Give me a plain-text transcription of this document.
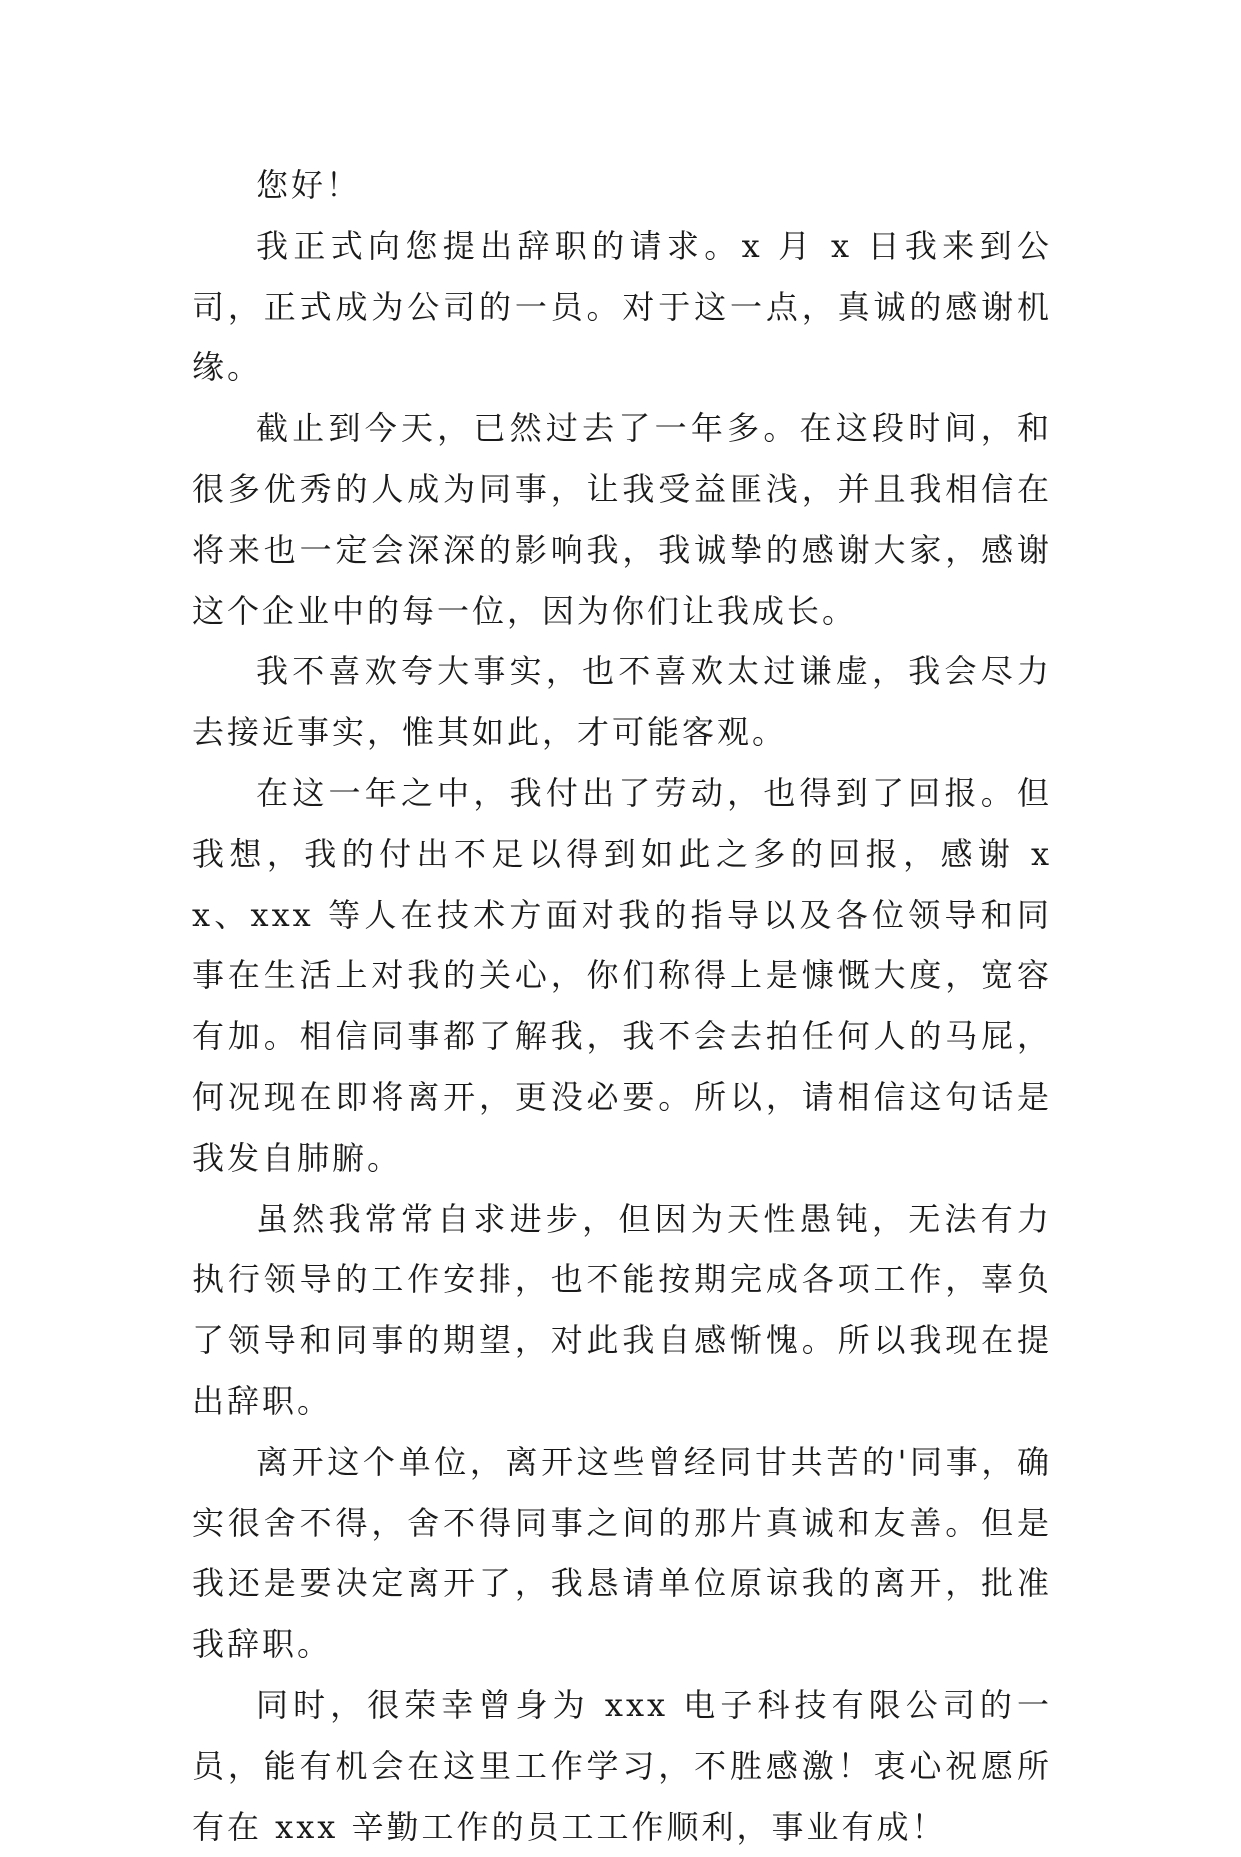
您好！

我正式向您提出辞职的请求。x 月 x 日我来到公司，正式成为公司的一员。对于这一点，真诚的感谢机缘。

截止到今天，已然过去了一年多。在这段时间，和很多优秀的人成为同事，让我受益匪浅，并且我相信在将来也一定会深深的影响我，我诚挚的感谢大家，感谢这个企业中的每一位，因为你们让我成长。

我不喜欢夸大事实，也不喜欢太过谦虚，我会尽力去接近事实，惟其如此，才可能客观。

在这一年之中，我付出了劳动，也得到了回报。但我想，我的付出不足以得到如此之多的回报，感谢 xx、xxx 等人在技术方面对我的指导以及各位领导和同事在生活上对我的关心，你们称得上是慷慨大度，宽容有加。相信同事都了解我，我不会去拍任何人的马屁，何况现在即将离开，更没必要。所以，请相信这句话是我发自肺腑。

虽然我常常自求进步，但因为天性愚钝，无法有力执行领导的工作安排，也不能按期完成各项工作，辜负了领导和同事的期望，对此我自感惭愧。所以我现在提出辞职。

离开这个单位，离开这些曾经同甘共苦的'同事，确实很舍不得，舍不得同事之间的那片真诚和友善。但是我还是要决定离开了，我恳请单位原谅我的离开，批准我辞职。

同时，很荣幸曾身为 xxx 电子科技有限公司的一员，能有机会在这里工作学习，不胜感激！衷心祝愿所有在 xxx 辛勤工作的员工工作顺利，事业有成！
